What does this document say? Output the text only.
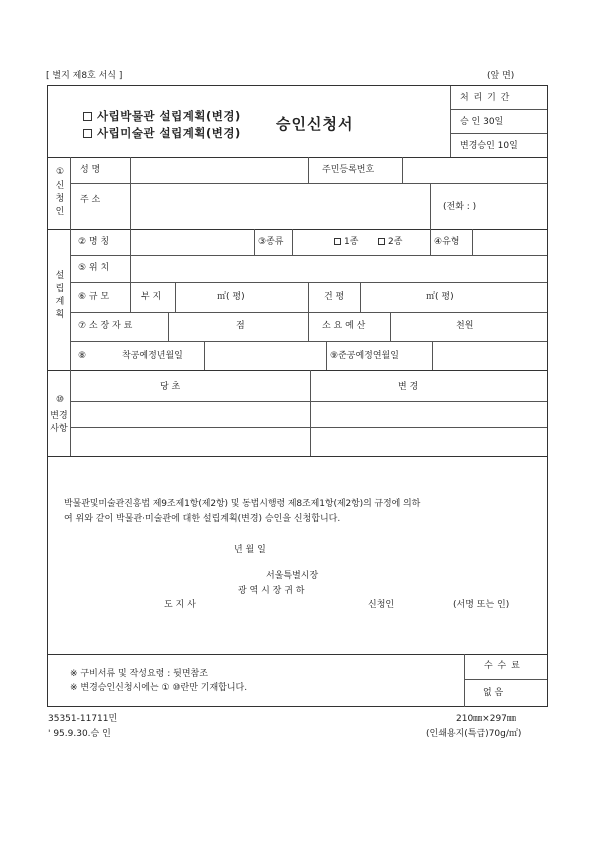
[ 별지 제8호 서식 ]	(앞 면)
사립박물관 설립계획(변경)
사립미술관 설립계획(변경) 승인신청서
처 리 기 간
승 인 30일
변경승인 10일
①
신
청
인
성 명	주민등록번호
주 소
(전화 : )
설
립
계
획
② 명 칭	③종류	1종	2종	④유형
⑤ 위 치
⑥ 규 모	부 지	㎡( 평)	건 평	㎡( 평)
⑦ 소 장 자 료	점	소 요 예 산	천원
⑧	착공예정년월일	⑨준공예정연월일
⑩
변경
사항
당 초	변 경
박물관및미술관진흥법 제9조제1항(제2항) 및 동법시행령 제8조제1항(제2항)의 규정에 의하
여 위와 같이 박물관·미술관에 대한 설립계획(변경) 승인을 신청합니다.
년 월 일
서울특별시장
광 역 시 장 귀 하
도 지 사	신청인	(서명 또는 인)
※ 구비서류 및 작성요령 : 뒷면참조
※ 변경승인신청시에는 ① ⑩란만 기재합니다.
수 수 료
없 음
35351-11711민
' 95.9.30.승 인
210㎜×297㎜
(인쇄용지(특급)70g/㎡)
